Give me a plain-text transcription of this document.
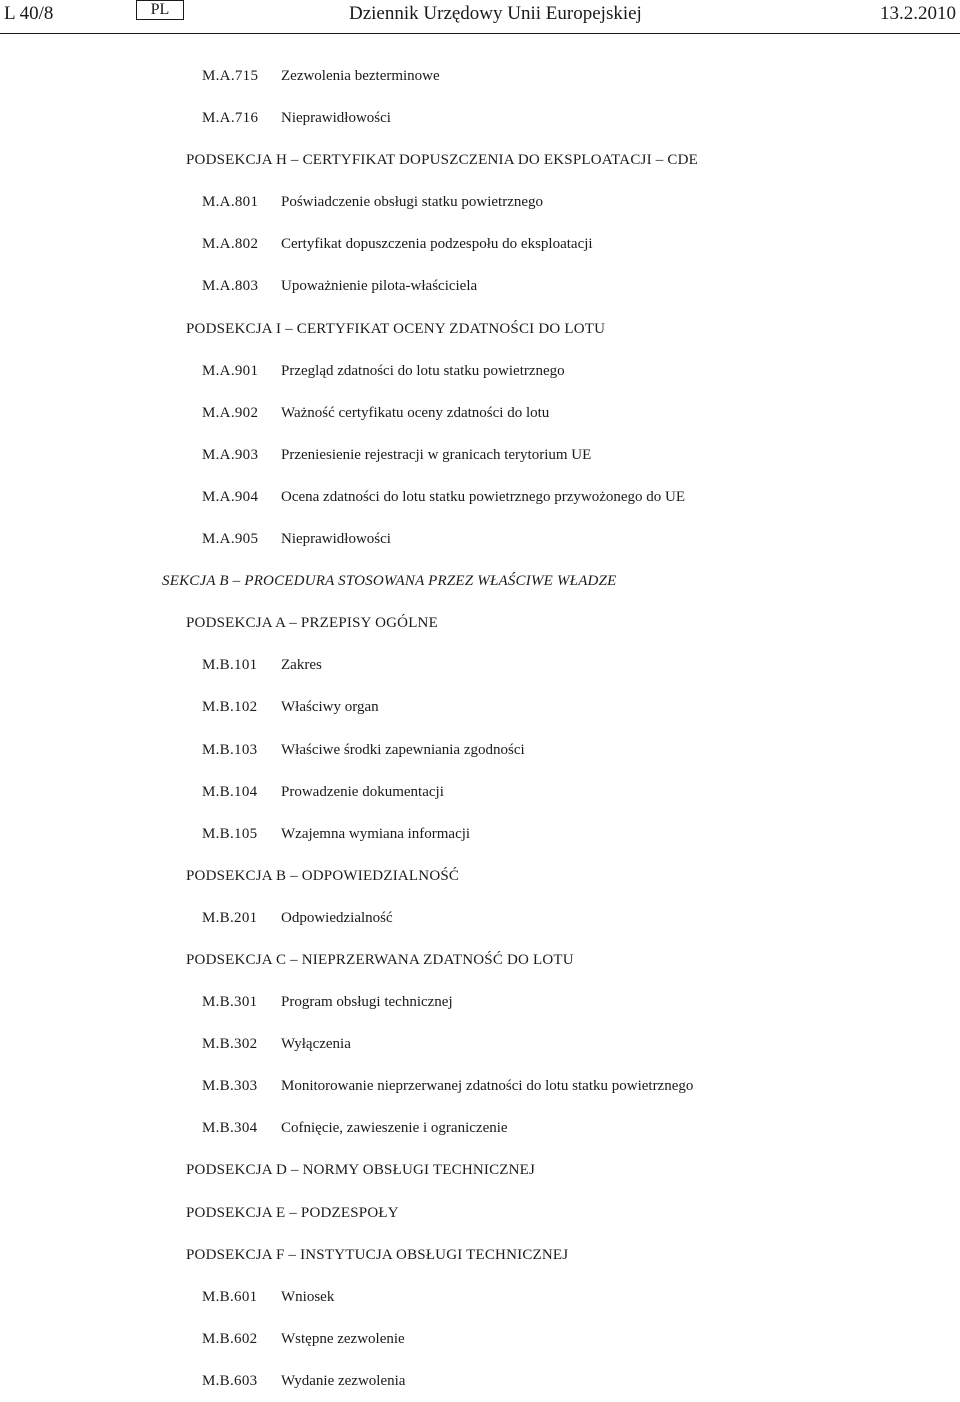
L 40/8	PL	Dziennik Urzędowy Unii Europejskiej	13.2.2010
M.A.715 Zezwolenia bezterminowe
M.A.716 Nieprawidłowości
PODSEKCJA H – CERTYFIKAT DOPUSZCZENIA DO EKSPLOATACJI – CDE
M.A.801 Poświadczenie obsługi statku powietrznego
M.A.802 Certyfikat dopuszczenia podzespołu do eksploatacji
M.A.803 Upoważnienie pilota-właściciela
PODSEKCJA I – CERTYFIKAT OCENY ZDATNOŚCI DO LOTU
M.A.901 Przegląd zdatności do lotu statku powietrznego
M.A.902 Ważność certyfikatu oceny zdatności do lotu
M.A.903 Przeniesienie rejestracji w granicach terytorium UE
M.A.904 Ocena zdatności do lotu statku powietrznego przywożonego do UE
M.A.905 Nieprawidłowości
SEKCJA B – PROCEDURA STOSOWANA PRZEZ WŁAŚCIWE WŁADZE
PODSEKCJA A – PRZEPISY OGÓLNE
M.B.101 Zakres
M.B.102 Właściwy organ
M.B.103 Właściwe środki zapewniania zgodności
M.B.104 Prowadzenie dokumentacji
M.B.105 Wzajemna wymiana informacji
PODSEKCJA B – ODPOWIEDZIALNOŚĆ
M.B.201 Odpowiedzialność
PODSEKCJA C – NIEPRZERWANA ZDATNOŚĆ DO LOTU
M.B.301 Program obsługi technicznej
M.B.302 Wyłączenia
M.B.303 Monitorowanie nieprzerwanej zdatności do lotu statku powietrznego
M.B.304 Cofnięcie, zawieszenie i ograniczenie
PODSEKCJA D – NORMY OBSŁUGI TECHNICZNEJ
PODSEKCJA E – PODZESPOŁY
PODSEKCJA F – INSTYTUCJA OBSŁUGI TECHNICZNEJ
M.B.601 Wniosek
M.B.602 Wstępne zezwolenie
M.B.603 Wydanie zezwolenia
